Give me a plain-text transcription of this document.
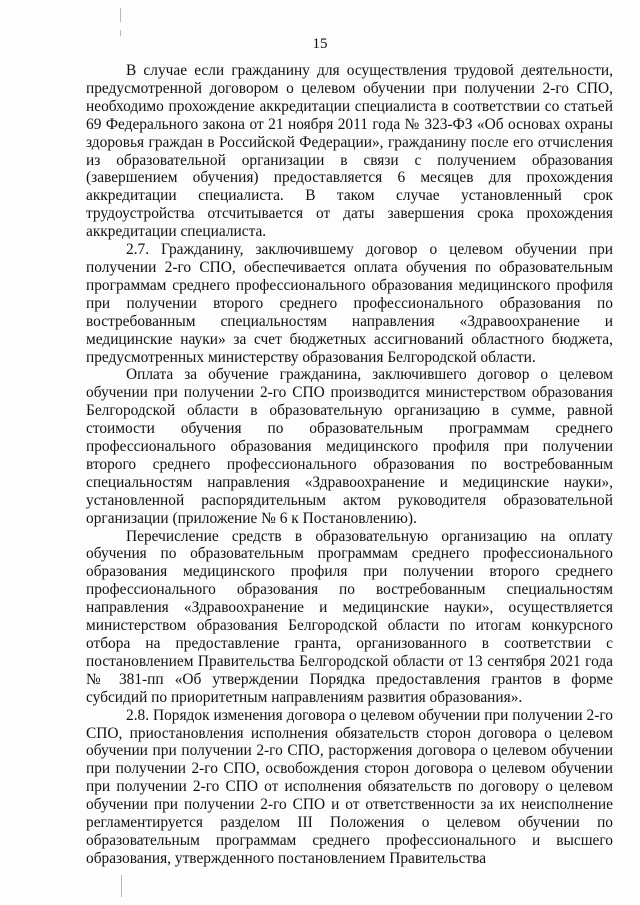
15

В случае если гражданину для осуществления трудовой деятельности, предусмотренной договором о целевом обучении при получении 2-го СПО, необходимо прохождение аккредитации специалиста в соответствии со статьей 69 Федерального закона от 21 ноября 2011 года № 323-ФЗ «Об основах охраны здоровья граждан в Российской Федерации», гражданину после его отчисления из образовательной организации в связи с получением образования (завершением обучения) предоставляется 6 месяцев для прохождения аккредитации специалиста. В таком случае установленный срок трудоустройства отсчитывается от даты завершения срока прохождения аккредитации специалиста.

2.7. Гражданину, заключившему договор о целевом обучении при получении 2-го СПО, обеспечивается оплата обучения по образовательным программам среднего профессионального образования медицинского профиля при получении второго среднего профессионального образования по востребованным специальностям направления «Здравоохранение и медицинские науки» за счет бюджетных ассигнований областного бюджета, предусмотренных министерству образования Белгородской области.

Оплата за обучение гражданина, заключившего договор о целевом обучении при получении 2-го СПО производится министерством образования Белгородской области в образовательную организацию в сумме, равной стоимости обучения по образовательным программам среднего профессионального образования медицинского профиля при получении второго среднего профессионального образования по востребованным специальностям направления «Здравоохранение и медицинские науки», установленной распорядительным актом руководителя образовательной организации (приложение № 6 к Постановлению).

Перечисление средств в образовательную организацию на оплату обучения по образовательным программам среднего профессионального образования медицинского профиля при получении второго среднего профессионального образования по востребованным специальностям направления «Здравоохранение и медицинские науки», осуществляется министерством образования Белгородской области по итогам конкурсного отбора на предоставление гранта, организованного в соответствии с постановлением Правительства Белгородской области от 13 сентября 2021 года № 381-пп «Об утверждении Порядка предоставления грантов в форме субсидий по приоритетным направлениям развития образования».

2.8. Порядок изменения договора о целевом обучении при получении 2-го СПО, приостановления исполнения обязательств сторон договора о целевом обучении при получении 2-го СПО, расторжения договора о целевом обучении при получении 2-го СПО, освобождения сторон договора о целевом обучении при получении 2-го СПО от исполнения обязательств по договору о целевом обучении при получении 2-го СПО и от ответственности за их неисполнение регламентируется разделом III Положения о целевом обучении по образовательным программам среднего профессионального и высшего образования, утвержденного постановлением Правительства
